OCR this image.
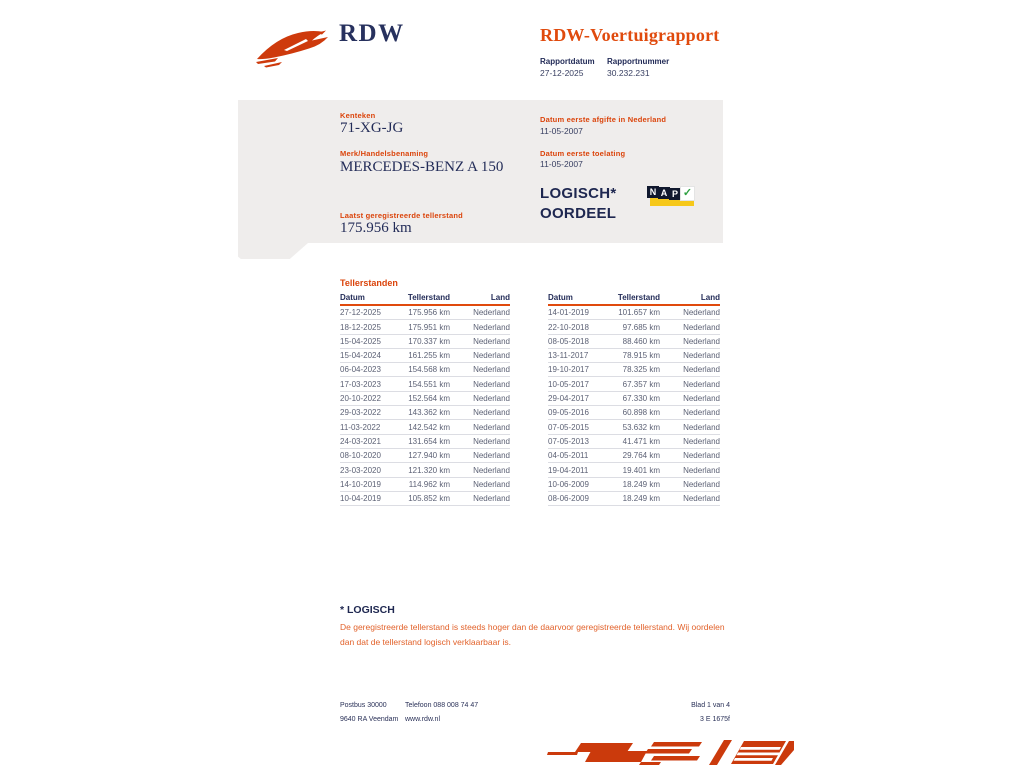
RDW	RDW-Voertuigrapport
Rapportdatum
27-12-2025
Rapportnummer
30.232.231
Kenteken
71-XG-JG
Merk/Handelsbenaming
MERCEDES-BENZ A 150
Laatst geregistreerde tellerstand
175.956 km
Datum eerste afgifte in Nederland
11-05-2007
Datum eerste toelating
11-05-2007
LOGISCH*
OORDEEL
N A P ✓
Tellerstanden
Datum	Tellerstand	Land
27-12-2025	175.956 km	Nederland
18-12-2025	175.951 km	Nederland
15-04-2025	170.337 km	Nederland
15-04-2024	161.255 km	Nederland
06-04-2023	154.568 km	Nederland
17-03-2023	154.551 km	Nederland
20-10-2022	152.564 km	Nederland
29-03-2022	143.362 km	Nederland
11-03-2022	142.542 km	Nederland
24-03-2021	131.654 km	Nederland
08-10-2020	127.940 km	Nederland
23-03-2020	121.320 km	Nederland
14-10-2019	114.962 km	Nederland
10-04-2019	105.852 km	Nederland
Datum	Tellerstand	Land
14-01-2019	101.657 km	Nederland
22-10-2018	97.685 km	Nederland
08-05-2018	88.460 km	Nederland
13-11-2017	78.915 km	Nederland
19-10-2017	78.325 km	Nederland
10-05-2017	67.357 km	Nederland
29-04-2017	67.330 km	Nederland
09-05-2016	60.898 km	Nederland
07-05-2015	53.632 km	Nederland
07-05-2013	41.471 km	Nederland
04-05-2011	29.764 km	Nederland
19-04-2011	19.401 km	Nederland
10-06-2009	18.249 km	Nederland
08-06-2009	18.249 km	Nederland
* LOGISCH
De geregistreerde tellerstand is steeds hoger dan de daarvoor geregistreerde tellerstand. Wij oordelen dan dat de tellerstand logisch verklaarbaar is.
Postbus 30000
9640 RA Veendam
Telefoon 088 008 74 47
www.rdw.nl
Blad 1 van 4
3 E 1675f
